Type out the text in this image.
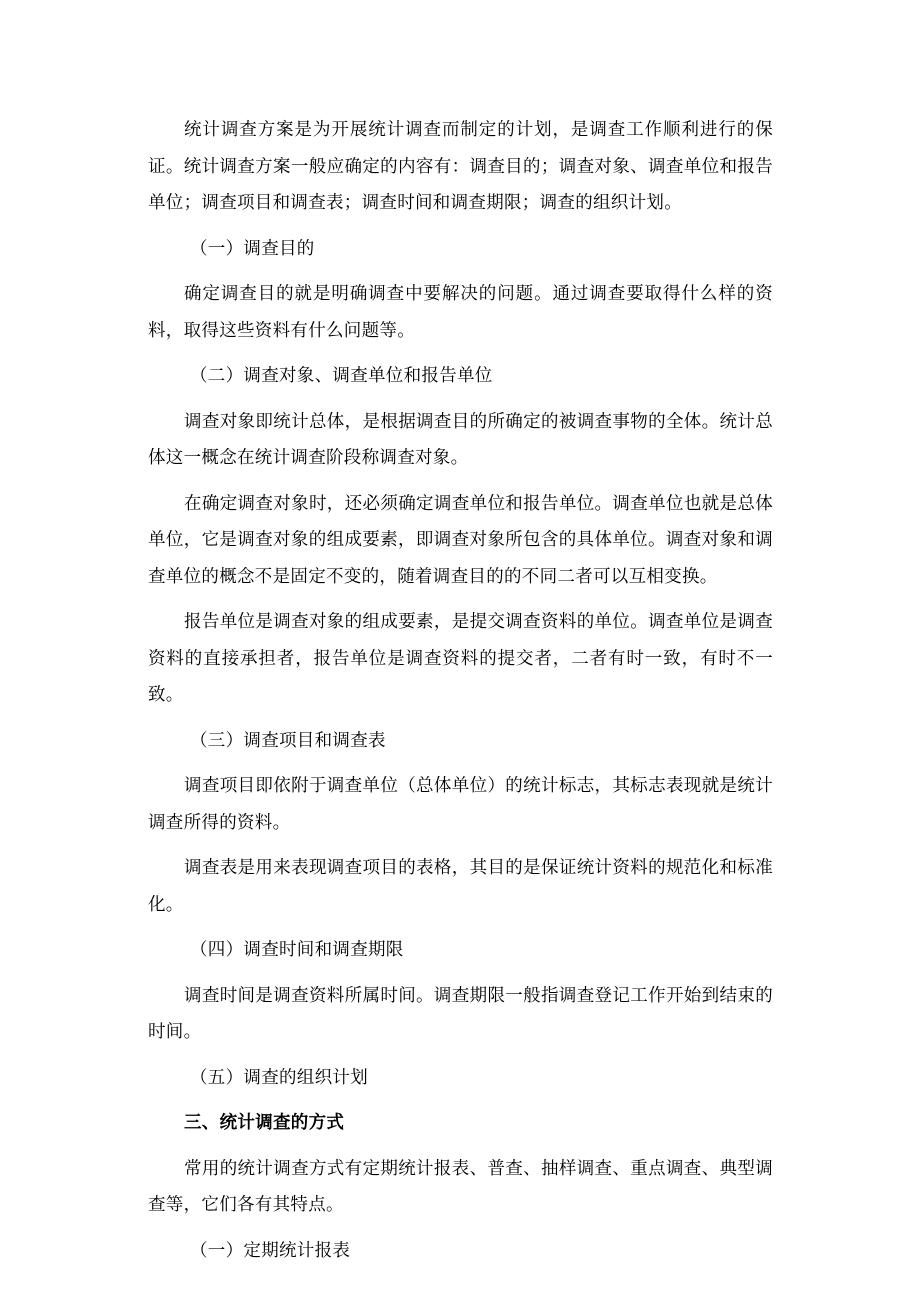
统计调查方案是为开展统计调查而制定的计划，是调查工作顺利进行的保证。统计调查方案一般应确定的内容有：调查目的；调查对象、调查单位和报告单位；调查项目和调查表；调查时间和调查期限；调查的组织计划。

（一）调查目的

确定调查目的就是明确调查中要解决的问题。通过调查要取得什么样的资料，取得这些资料有什么问题等。

（二）调查对象、调查单位和报告单位

调查对象即统计总体，是根据调查目的所确定的被调查事物的全体。统计总体这一概念在统计调查阶段称调查对象。

在确定调查对象时，还必须确定调查单位和报告单位。调查单位也就是总体单位，它是调查对象的组成要素，即调查对象所包含的具体单位。调查对象和调查单位的概念不是固定不变的，随着调查目的的不同二者可以互相变换。

报告单位是调查对象的组成要素，是提交调查资料的单位。调查单位是调查资料的直接承担者，报告单位是调查资料的提交者，二者有时一致，有时不一致。

（三）调查项目和调查表

调查项目即依附于调查单位（总体单位）的统计标志，其标志表现就是统计调查所得的资料。

调查表是用来表现调查项目的表格，其目的是保证统计资料的规范化和标准化。

（四）调查时间和调查期限

调查时间是调查资料所属时间。调查期限一般指调查登记工作开始到结束的时间。

（五）调查的组织计划

三、统计调查的方式

常用的统计调查方式有定期统计报表、普查、抽样调查、重点调查、典型调查等，它们各有其特点。

（一）定期统计报表
